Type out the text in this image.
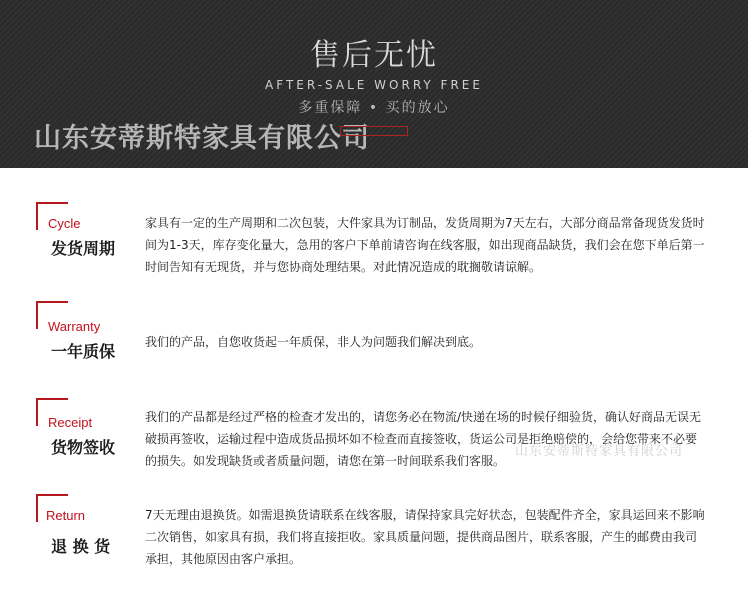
售后无忧
AFTER-SALE WORRY FREE
多重保障 • 买的放心
山东安蒂斯特家具有限公司
Cycle
发货周期
家具有一定的生产周期和二次包装，大件家具为订制品，发货周期为7天左右，大部分商品常备现货发货时间为1-3天，库存变化量大，急用的客户下单前请咨询在线客服，如出现商品缺货，我们会在您下单后第一时间告知有无现货，并与您协商处理结果。对此情况造成的耽搁敬请谅解。
Warranty
一年质保 我们的产品，自您收货起一年质保，非人为问题我们解决到底。
Receipt
货物签收
我们的产品都是经过严格的检查才发出的，请您务必在物流/快递在场的时候仔细验货，确认好商品无误无破损再签收，运输过程中造成货品损坏如不检查而直接签收，货运公司是拒绝赔偿的，会给您带来不必要的损失。如发现缺货或者质量问题，请您在第一时间联系我们客服。
山东安蒂斯特家具有限公司
Return
退 换 货
7天无理由退换货。如需退换货请联系在线客服，请保持家具完好状态，包装配件齐全，家具运回来不影响二次销售，如家具有损，我们将直接拒收。家具质量问题，提供商品图片，联系客服，产生的邮费由我司承担，其他原因由客户承担。
